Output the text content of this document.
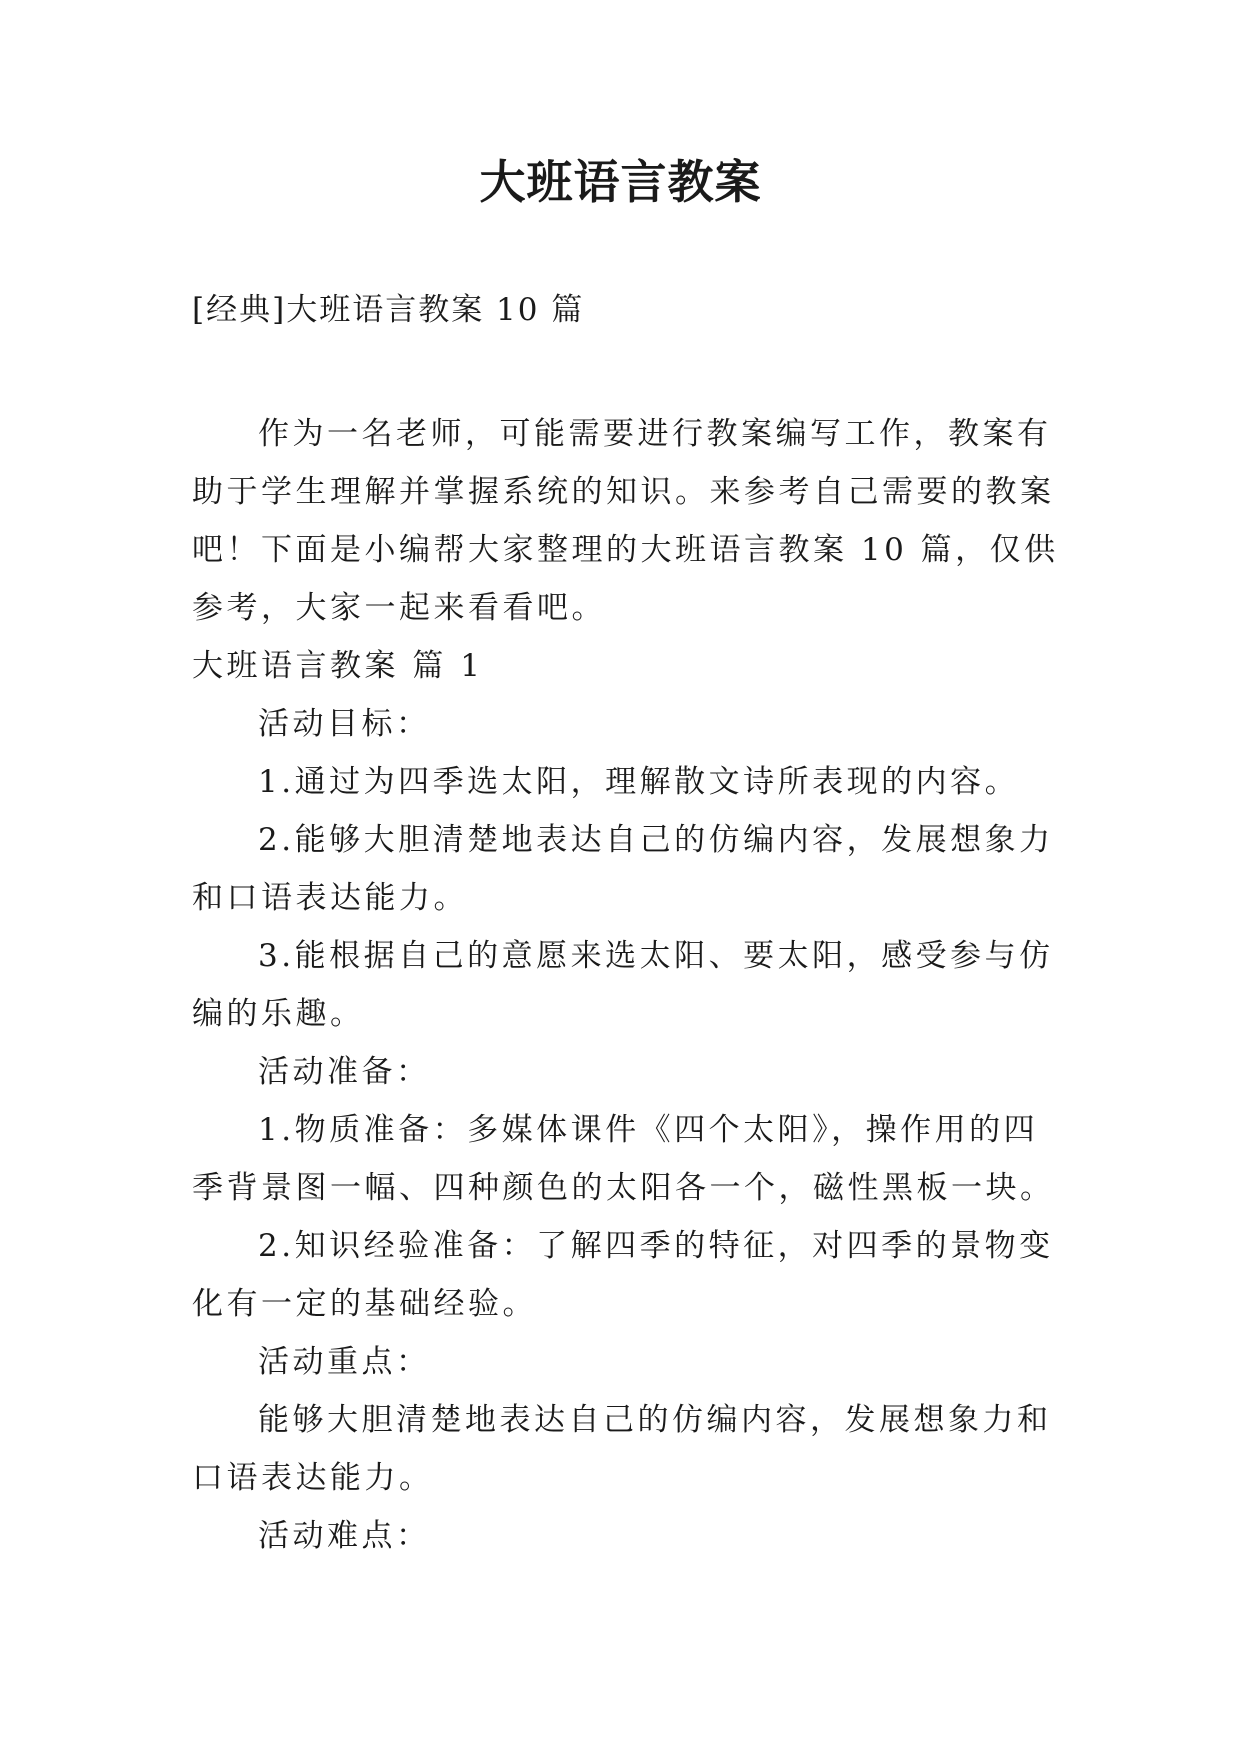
大班语言教案

[经典]大班语言教案 10 篇

作为一名老师，可能需要进行教案编写工作，教案有助于学生理解并掌握系统的知识。来参考自己需要的教案吧！下面是小编帮大家整理的大班语言教案 10 篇，仅供参考，大家一起来看看吧。

大班语言教案 篇 1

活动目标：

1.通过为四季选太阳，理解散文诗所表现的内容。

2.能够大胆清楚地表达自己的仿编内容，发展想象力和口语表达能力。

3.能根据自己的意愿来选太阳、要太阳，感受参与仿编的乐趣。

活动准备：

1.物质准备：多媒体课件《四个太阳》，操作用的四季背景图一幅、四种颜色的太阳各一个，磁性黑板一块。

2.知识经验准备：了解四季的特征，对四季的景物变化有一定的基础经验。

活动重点：

能够大胆清楚地表达自己的仿编内容，发展想象力和口语表达能力。

活动难点：
